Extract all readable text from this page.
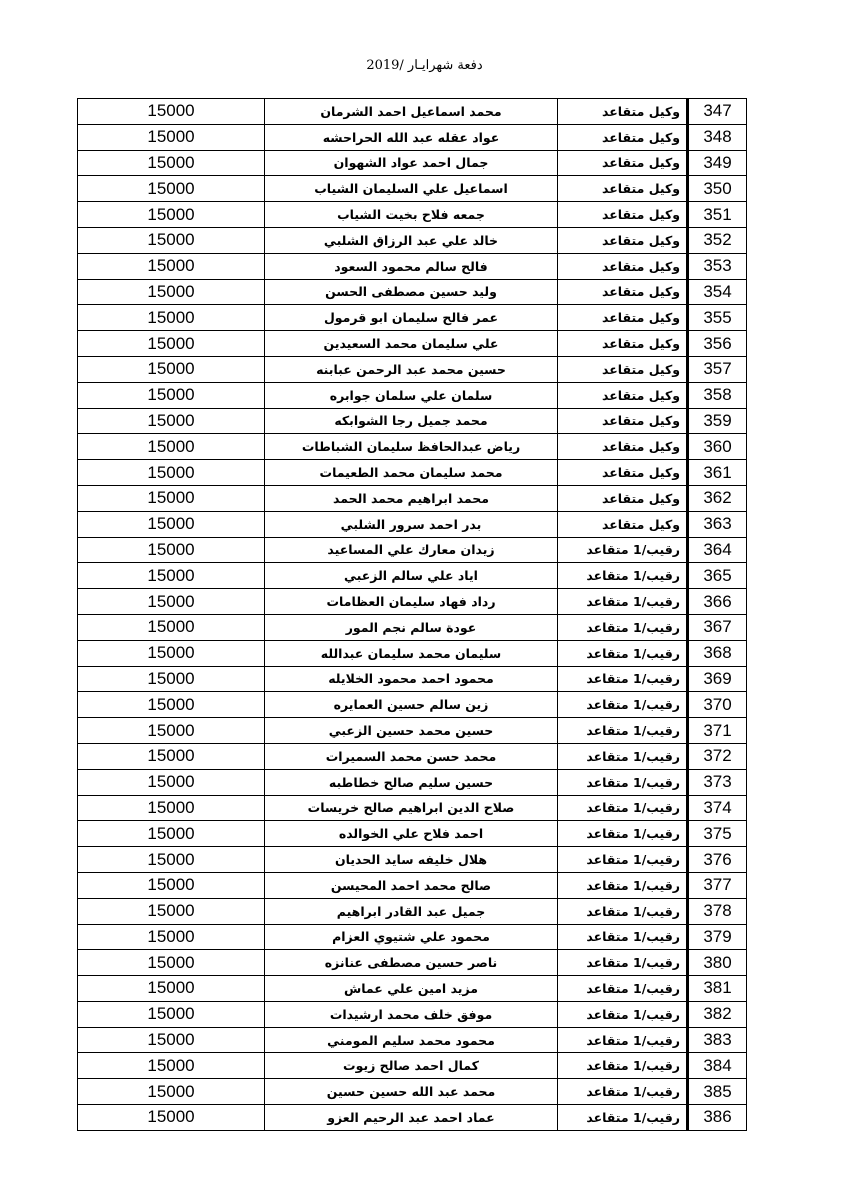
دفعة شهرايـار /2019
15000	محمد اسماعيل احمد الشرمان	وكيل متقاعد	347
15000	عواد عقله عبد الله الحراحشه	وكيل متقاعد	348
15000	جمال احمد عواد الشهوان	وكيل متقاعد	349
15000	اسماعيل علي السليمان الشياب	وكيل متقاعد	350
15000	جمعه فلاح بخيت الشياب	وكيل متقاعد	351
15000	خالد علي عبد الرزاق الشلبي	وكيل متقاعد	352
15000	فالح سالم محمود السعود	وكيل متقاعد	353
15000	وليد حسين مصطفى الحسن	وكيل متقاعد	354
15000	عمر فالح سليمان ابو قرمول	وكيل متقاعد	355
15000	علي سليمان محمد السعيدين	وكيل متقاعد	356
15000	حسين محمد عبد الرحمن عبابنه	وكيل متقاعد	357
15000	سلمان علي سلمان جوابره	وكيل متقاعد	358
15000	محمد جميل رجا الشوابكه	وكيل متقاعد	359
15000	رياض عبدالحافظ سليمان الشباطات	وكيل متقاعد	360
15000	محمد سليمان محمد الطعيمات	وكيل متقاعد	361
15000	محمد ابراهيم محمد الحمد	وكيل متقاعد	362
15000	بدر احمد سرور الشلبي	وكيل متقاعد	363
15000	زيدان معارك علي المساعيد	رقيب/1 متقاعد	364
15000	اياد علي سالم الزعبي	رقيب/1 متقاعد	365
15000	رداد فهاد سليمان العظامات	رقيب/1 متقاعد	366
15000	عودة سالم نجم المور	رقيب/1 متقاعد	367
15000	سليمان محمد سليمان عبدالله	رقيب/1 متقاعد	368
15000	محمود احمد محمود الخلايله	رقيب/1 متقاعد	369
15000	زين سالم حسين العمايره	رقيب/1 متقاعد	370
15000	حسين محمد حسين الزعبي	رقيب/1 متقاعد	371
15000	محمد حسن محمد السميرات	رقيب/1 متقاعد	372
15000	حسين سليم صالح خطاطبه	رقيب/1 متقاعد	373
15000	صلاح الدين ابراهيم صالح خريسات	رقيب/1 متقاعد	374
15000	احمد فلاح علي الخوالده	رقيب/1 متقاعد	375
15000	هلال خليفه سايد الحديان	رقيب/1 متقاعد	376
15000	صالح محمد احمد المحيسن	رقيب/1 متقاعد	377
15000	جميل عبد القادر ابراهيم	رقيب/1 متقاعد	378
15000	محمود علي شتيوي العزام	رقيب/1 متقاعد	379
15000	ناصر حسين مصطفى عنانزه	رقيب/1 متقاعد	380
15000	مزيد امين علي عماش	رقيب/1 متقاعد	381
15000	موفق خلف محمد ارشيدات	رقيب/1 متقاعد	382
15000	محمود محمد سليم المومني	رقيب/1 متقاعد	383
15000	كمال احمد صالح زيوت	رقيب/1 متقاعد	384
15000	محمد عبد الله حسين حسين	رقيب/1 متقاعد	385
15000	عماد احمد عبد الرحيم العزو	رقيب/1 متقاعد	386
